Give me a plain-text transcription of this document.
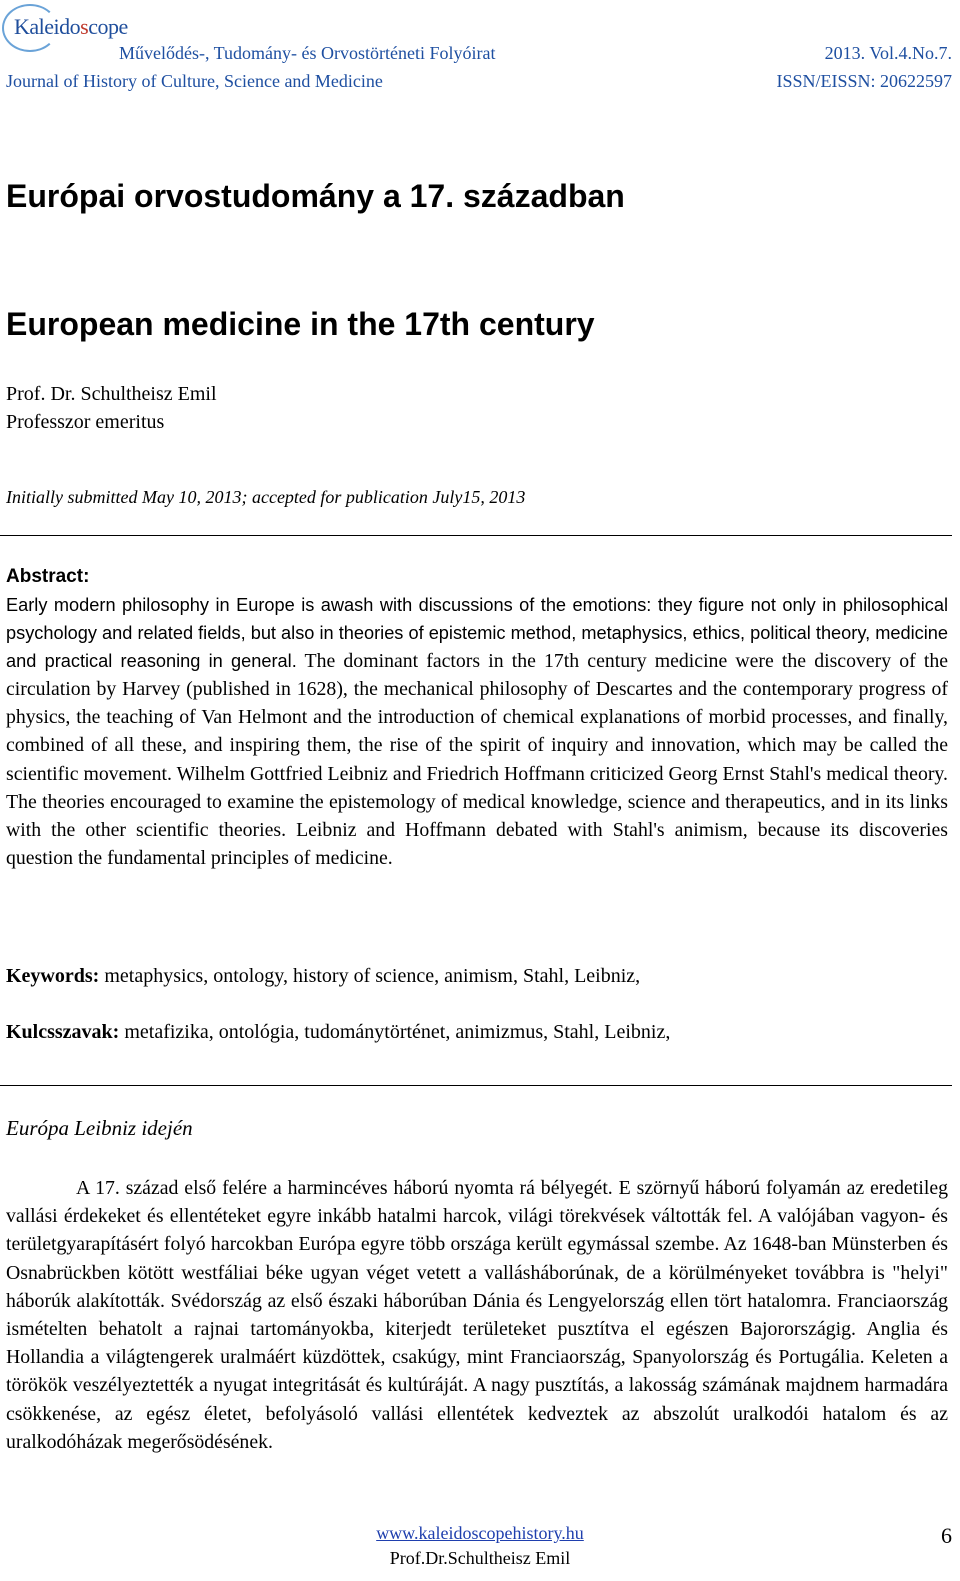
Kaleidoscope
Művelődés-, Tudomány- és Orvostörténeti Folyóirat
Journal of History of Culture, Science and Medicine
2013. Vol.4.No.7.
ISSN/EISSN: 20622597
Európai orvostudomány a 17. században
European medicine in the 17th century
Prof. Dr. Schultheisz Emil
Professzor emeritus
Initially submitted May 10, 2013; accepted for publication July15, 2013
Abstract:
Early modern philosophy in Europe is awash with discussions of the emotions: they figure not only in philosophical psychology and related fields, but also in theories of epistemic method, metaphysics, ethics, political theory, medicine and practical reasoning in general. The dominant factors in the 17th century medicine were the discovery of the circulation by Harvey (published in 1628), the mechanical philosophy of Descartes and the contemporary progress of physics, the teaching of Van Helmont and the introduction of chemical explanations of morbid processes, and finally, combined of all these, and inspiring them, the rise of the spirit of inquiry and innovation, which may be called the scientific movement. Wilhelm Gottfried Leibniz and Friedrich Hoffmann criticized Georg Ernst Stahl's medical theory. The theories encouraged to examine the epistemology of medical knowledge, science and therapeutics, and in its links with the other scientific theories. Leibniz and Hoffmann debated with Stahl's animism, because its discoveries question the fundamental principles of medicine.
Keywords: metaphysics, ontology, history of science, animism, Stahl, Leibniz,
Kulcsszavak: metafizika, ontológia, tudománytörténet, animizmus, Stahl, Leibniz,
Európa Leibniz idején
A 17. század első felére a harmincéves háború nyomta rá bélyegét. E szörnyű háború folyamán az eredetileg vallási érdekeket és ellentéteket egyre inkább hatalmi harcok, világi törekvések váltották fel. A valójában vagyon- és területgyarapításért folyó harcokban Európa egyre több országa került egymással szembe. Az 1648-ban Münsterben és Osnabrückben kötött westfáliai béke ugyan véget vetett a vallásháborúnak, de a körülményeket továbbra is "helyi" háborúk alakították. Svédország az első északi háborúban Dánia és Lengyelország ellen tört hatalomra. Franciaország ismételten behatolt a rajnai tartományokba, kiterjedt területeket pusztítva el egészen Bajorországig. Anglia és Hollandia a világtengerek uralmáért küzdöttek, csakúgy, mint Franciaország, Spanyolország és Portugália. Keleten a törökök veszélyeztették a nyugat integritását és kultúráját. A nagy pusztítás, a lakosság számának majdnem harmadára csökkenése, az egész életet, befolyásoló vallási ellentétek kedveztek az abszolút uralkodói hatalom és az uralkodóházak megerősödésének.
www.kaleidoscopehistory.hu
Prof.Dr.Schultheisz Emil
6
